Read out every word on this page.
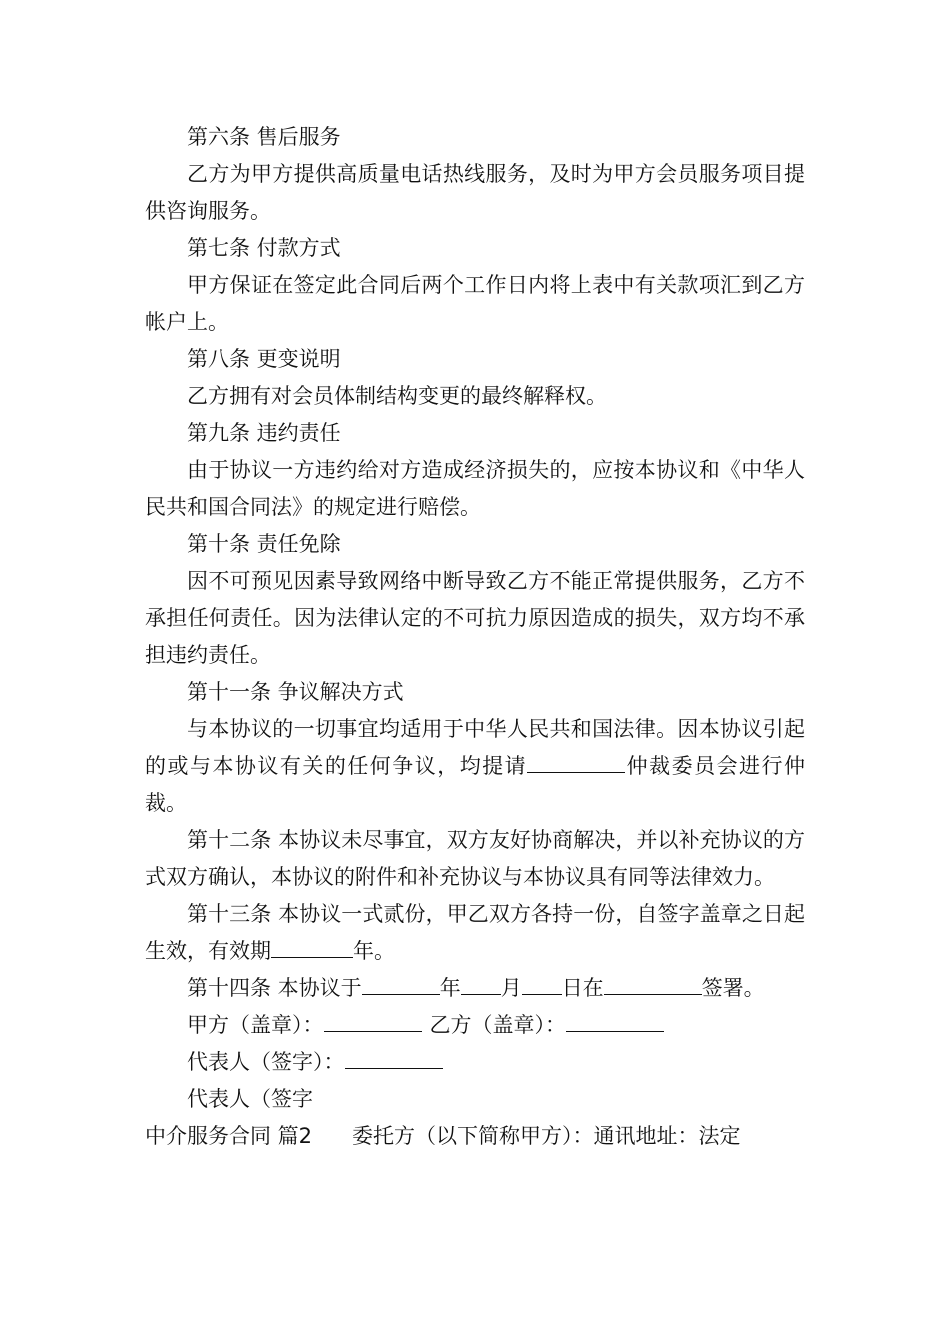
第六条 售后服务

乙方为甲方提供高质量电话热线服务，及时为甲方会员服务项目提供咨询服务。

第七条 付款方式

甲方保证在签定此合同后两个工作日内将上表中有关款项汇到乙方帐户上。

第八条 更变说明

乙方拥有对会员体制结构变更的最终解释权。

第九条 违约责任

由于协议一方违约给对方造成经济损失的，应按本协议和《中华人民共和国合同法》的规定进行赔偿。

第十条 责任免除

因不可预见因素导致网络中断导致乙方不能正常提供服务，乙方不承担任何责任。因为法律认定的不可抗力原因造成的损失，双方均不承担违约责任。

第十一条 争议解决方式

与本协议的一切事宜均适用于中华人民共和国法律。因本协议引起的或与本协议有关的任何争议，均提请	仲裁委员会进行仲裁。

第十二条 本协议未尽事宜，双方友好协商解决，并以补充协议的方式双方确认，本协议的附件和补充协议与本协议具有同等法律效力。

第十三条 本协议一式贰份，甲乙双方各持一份，自签字盖章之日起生效，有效期	年。

第十四条 本协议于	年 月 日在	签署。

甲方（盖章）：	乙方（盖章）：

代表人（签字）：

代表人（签字

中介服务合同 篇2 委托方（以下简称甲方）：通讯地址：法定
